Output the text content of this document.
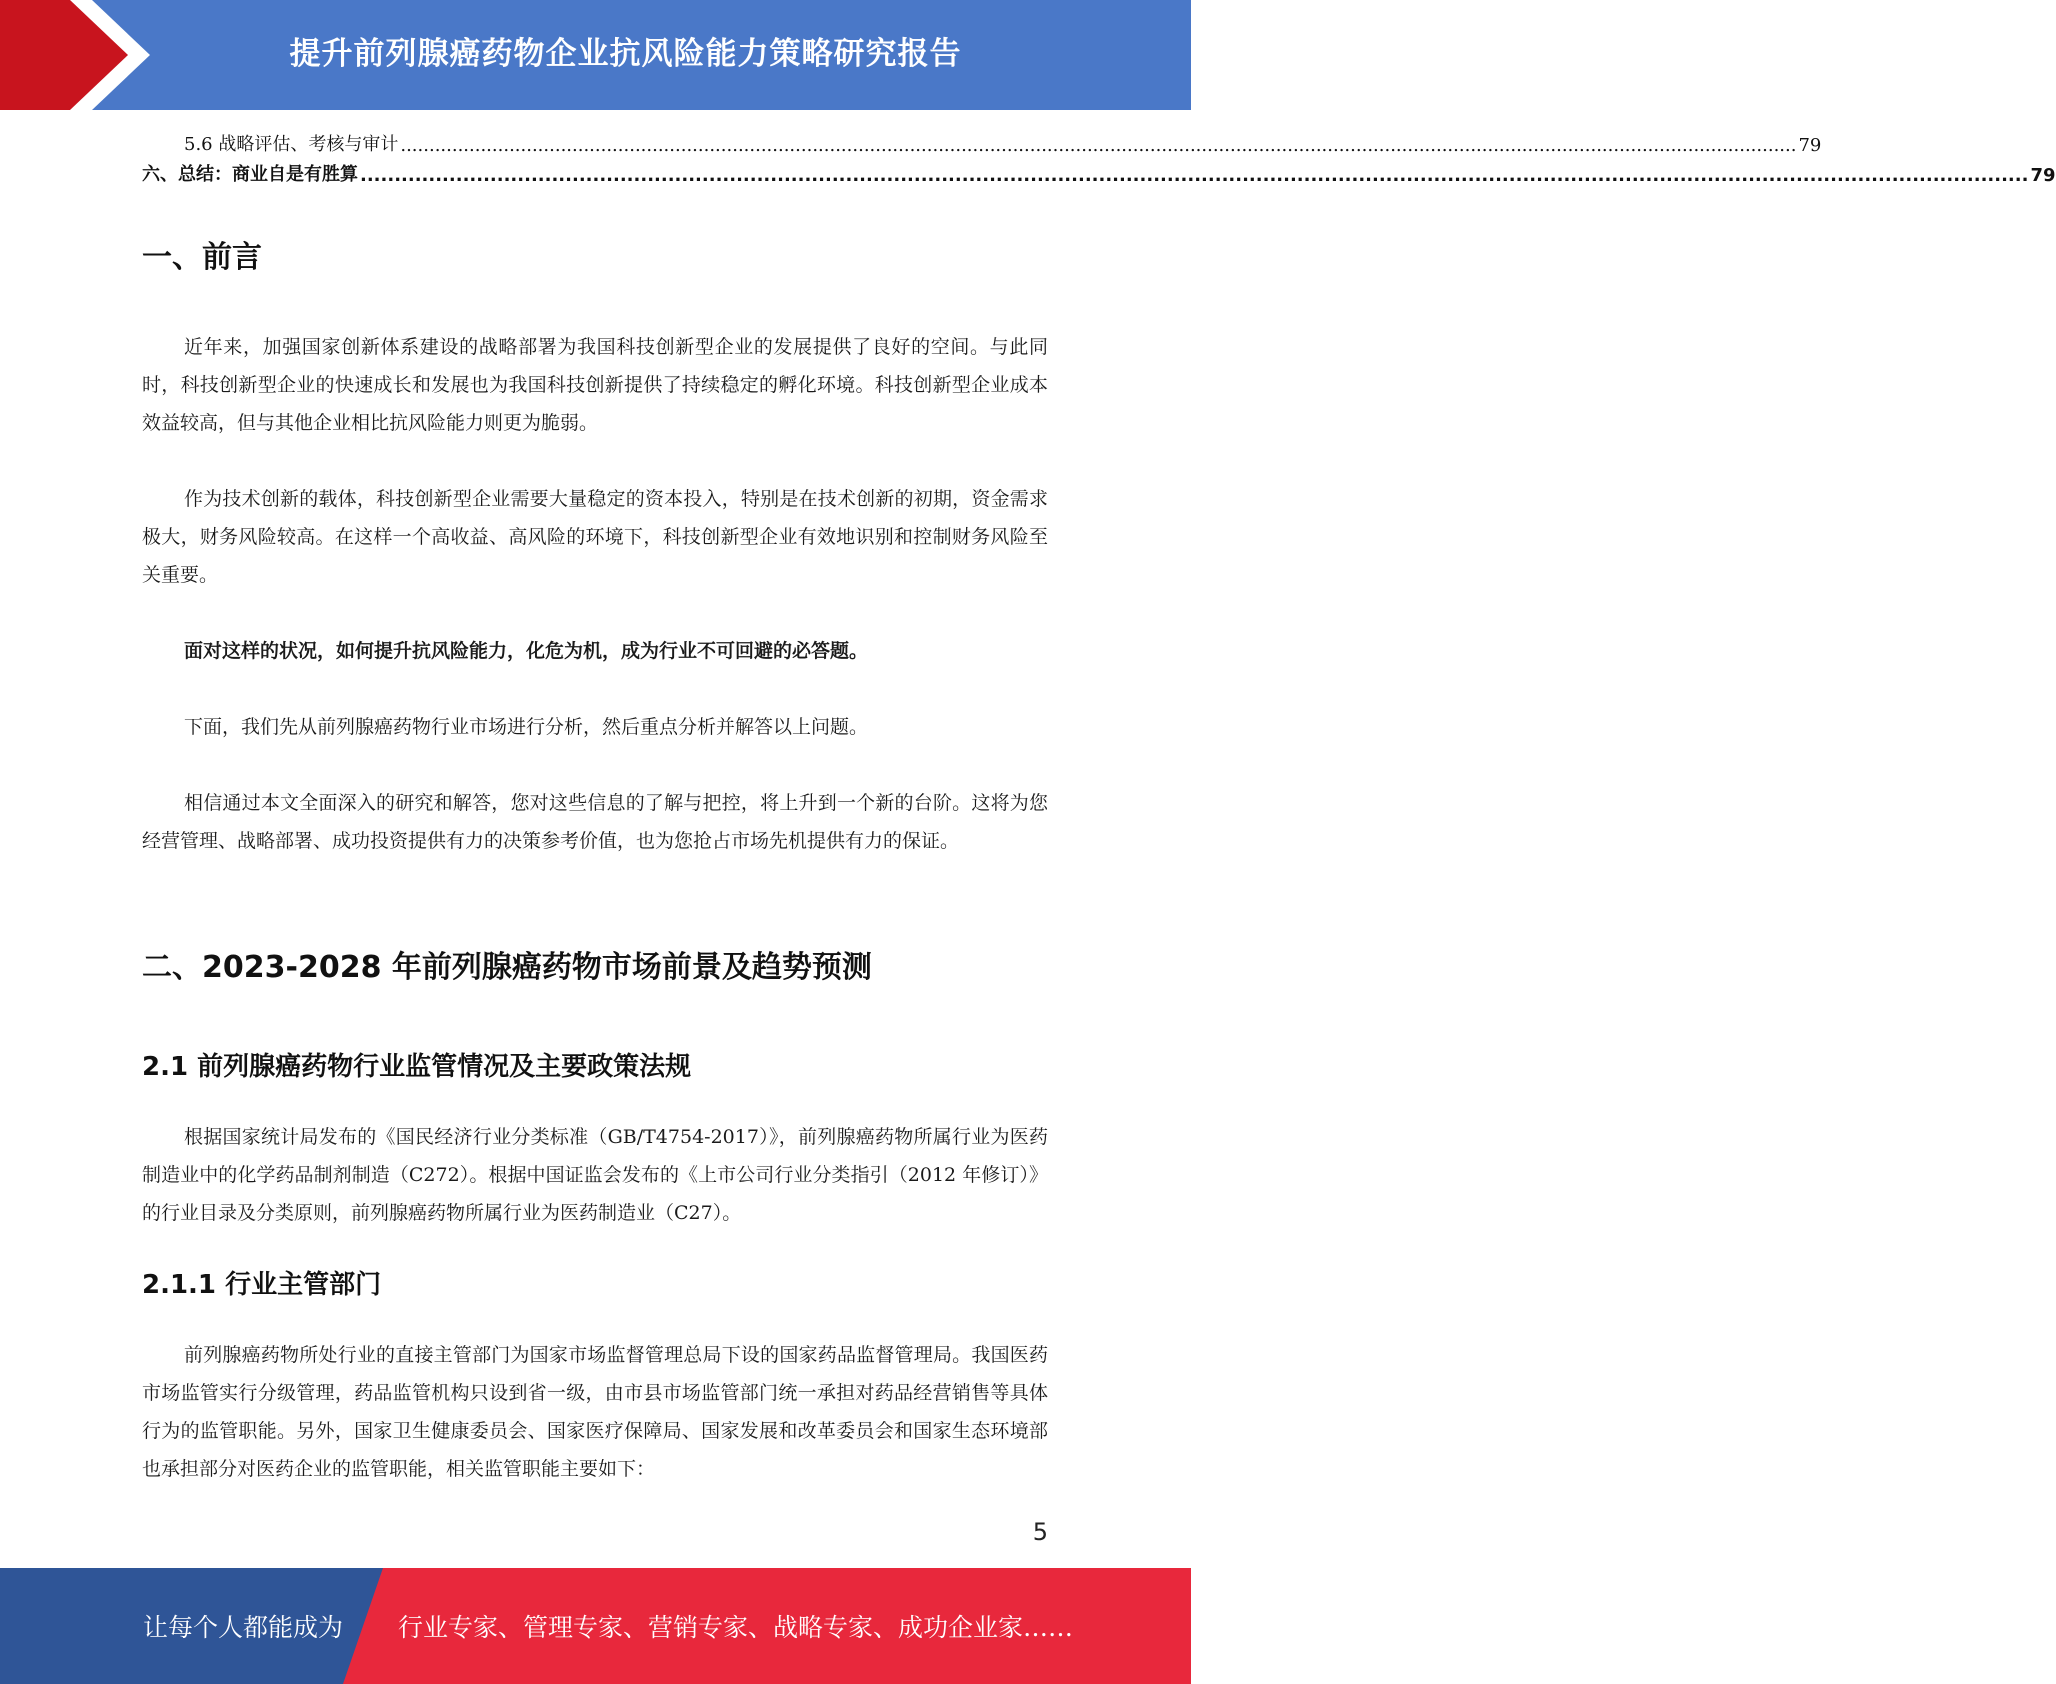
提升前列腺癌药物企业抗风险能力策略研究报告
5.6 战略评估、考核与审计 .................................................................................................................................................................................................................................................... 79
六、总结：商业自是有胜算 .................................................................................................................................................................................................................................................... 79
一、前言
近年来，加强国家创新体系建设的战略部署为我国科技创新型企业的发展提供了良好的空间。与此同时，科技创新型企业的快速成长和发展也为我国科技创新提供了持续稳定的孵化环境。科技创新型企业成本效益较高，但与其他企业相比抗风险能力则更为脆弱。
作为技术创新的载体，科技创新型企业需要大量稳定的资本投入，特别是在技术创新的初期，资金需求极大，财务风险较高。在这样一个高收益、高风险的环境下，科技创新型企业有效地识别和控制财务风险至关重要。
面对这样的状况，如何提升抗风险能力，化危为机，成为行业不可回避的必答题。
下面，我们先从前列腺癌药物行业市场进行分析，然后重点分析并解答以上问题。
相信通过本文全面深入的研究和解答，您对这些信息的了解与把控，将上升到一个新的台阶。这将为您经营管理、战略部署、成功投资提供有力的决策参考价值，也为您抢占市场先机提供有力的保证。
二、2023-2028 年前列腺癌药物市场前景及趋势预测
2.1 前列腺癌药物行业监管情况及主要政策法规
根据国家统计局发布的《国民经济行业分类标准（GB/T4754-2017）》，前列腺癌药物所属行业为医药制造业中的化学药品制剂制造（C272）。根据中国证监会发布的《上市公司行业分类指引（2012 年修订）》的行业目录及分类原则，前列腺癌药物所属行业为医药制造业（C27）。
2.1.1 行业主管部门
前列腺癌药物所处行业的直接主管部门为国家市场监督管理总局下设的国家药品监督管理局。我国医药市场监管实行分级管理，药品监管机构只设到省一级，由市县市场监管部门统一承担对药品经营销售等具体行为的监管职能。另外，国家卫生健康委员会、国家医疗保障局、国家发展和改革委员会和国家生态环境部也承担部分对医药企业的监管职能，相关监管职能主要如下：
5
让每个人都能成为 行业专家、管理专家、营销专家、战略专家、成功企业家……
